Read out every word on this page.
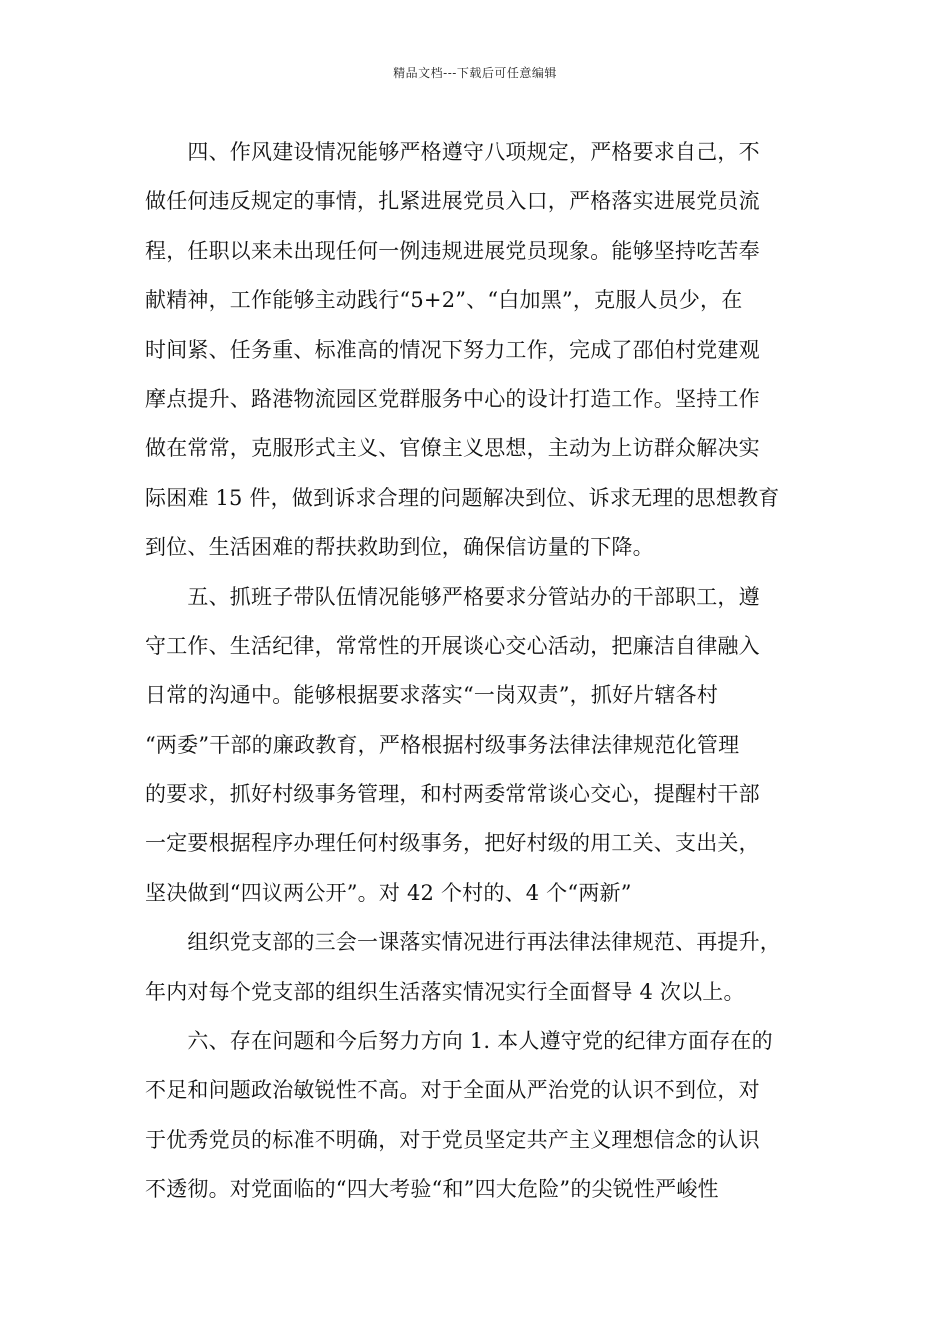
精品文档---下载后可任意编辑
　　四、作风建设情况能够严格遵守八项规定，严格要求自己，不
做任何违反规定的事情，扎紧进展党员入口，严格落实进展党员流
程，任职以来未出现任何一例违规进展党员现象。能够坚持吃苦奉
献精神，工作能够主动践行“5+2”、“白加黑”，克服人员少，在
时间紧、任务重、标准高的情况下努力工作，完成了邵伯村党建观
摩点提升、路港物流园区党群服务中心的设计打造工作。坚持工作
做在常常，克服形式主义、官僚主义思想，主动为上访群众解决实
际困难 15 件，做到诉求合理的问题解决到位、诉求无理的思想教育
到位、生活困难的帮扶救助到位，确保信访量的下降。
　　五、抓班子带队伍情况能够严格要求分管站办的干部职工，遵
守工作、生活纪律，常常性的开展谈心交心活动，把廉洁自律融入
日常的沟通中。能够根据要求落实“一岗双责”，抓好片辖各村
“两委”干部的廉政教育，严格根据村级事务法律法律规范化管理
的要求，抓好村级事务管理，和村两委常常谈心交心，提醒村干部
一定要根据程序办理任何村级事务，把好村级的用工关、支出关，
坚决做到“四议两公开”。对 42 个村的、4 个“两新”
　　组织党支部的三会一课落实情况进行再法律法律规范、再提升，
年内对每个党支部的组织生活落实情况实行全面督导 4 次以上。
　　六、存在问题和今后努力方向 1. 本人遵守党的纪律方面存在的
不足和问题政治敏锐性不高。对于全面从严治党的认识不到位，对
于优秀党员的标准不明确，对于党员坚定共产主义理想信念的认识
不透彻。对党面临的“四大考验“和”四大危险”的尖锐性严峻性
